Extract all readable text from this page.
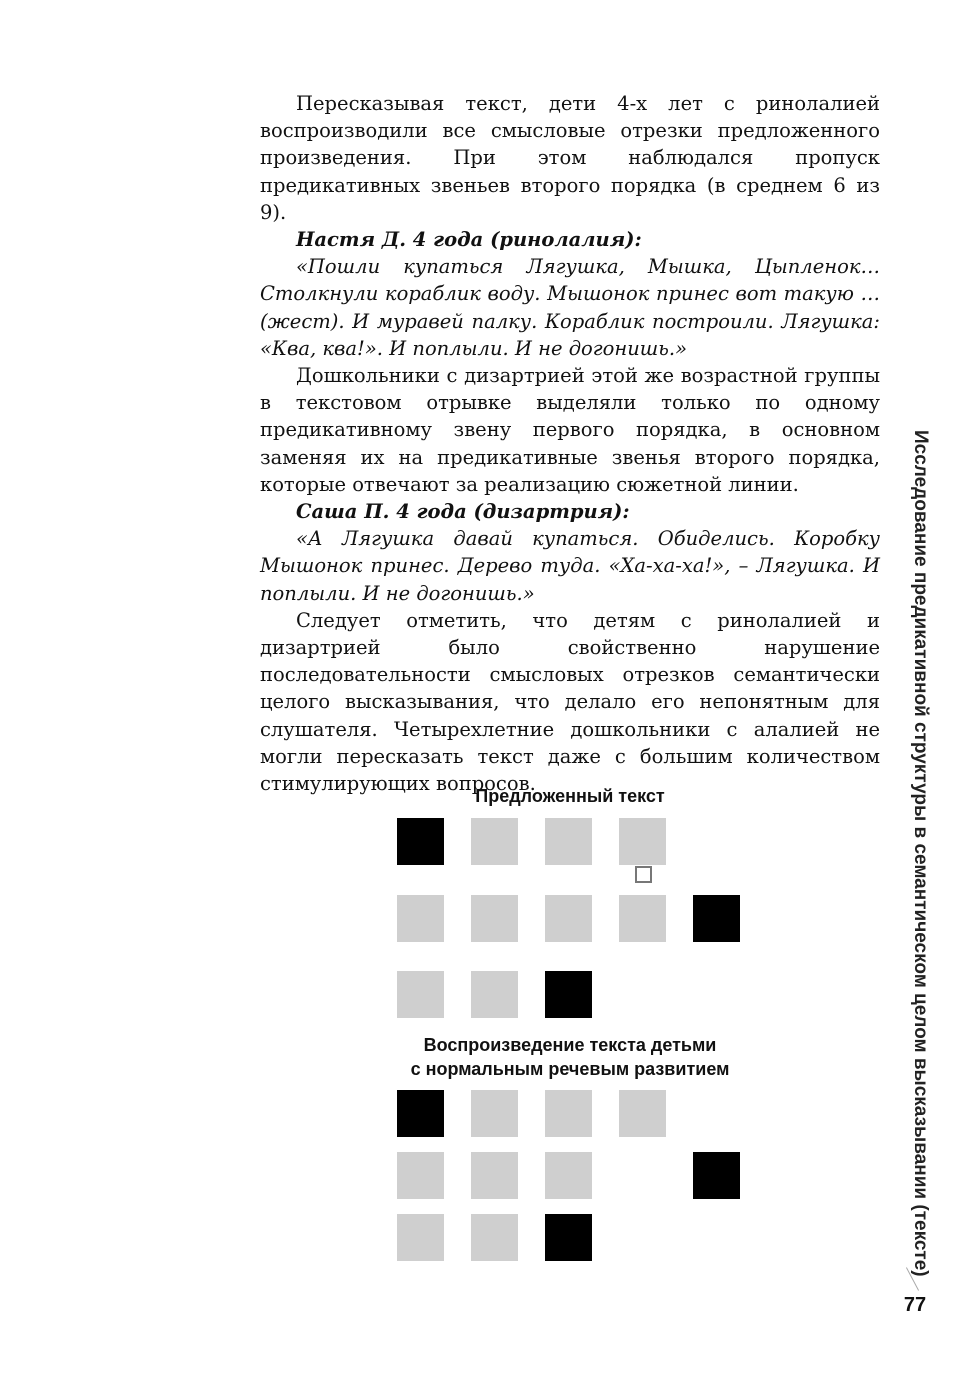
Пересказывая текст, дети 4-х лет с ринолалией воспроизводили все смысловые отрезки предложенного произведения. При этом наблюдался пропуск предикативных звеньев второго порядка (в среднем 6 из 9).

Настя Д. 4 года (ринолалия):

«Пошли купаться Лягушка, Мышка, Цыпленок… Столкнули кораблик воду. Мышонок принес вот такую … (жест). И муравей палку. Кораблик построили. Лягушка: «Ква, ква!». И поплыли. И не догонишь.»

Дошкольники с дизартрией этой же возрастной группы в текстовом отрывке выделяли только по одному предикативному звену первого порядка, в основном заменяя их на предикативные звенья второго порядка, которые отвечают за реализацию сюжетной линии.

Саша П. 4 года (дизартрия):

«А Лягушка давай купаться. Обиделись. Коробку Мышонок принес. Дерево туда. «Ха-ха-ха!», – Лягушка. И поплыли. И не догонишь.»

Следует отметить, что детям с ринолалией и дизартрией было свойственно нарушение последовательности смысловых отрезков семантически целого высказывания, что делало его непонятным для слушателя. Четырехлетние дошкольники с алалией не могли пересказать текст даже с большим количеством стимулирующих вопросов.

Предложенный текст
Воспроизведение текста детьми
с нормальным речевым развитием	Исследование предикативной структуры в семантическом целом высказывании (тексте)
77
